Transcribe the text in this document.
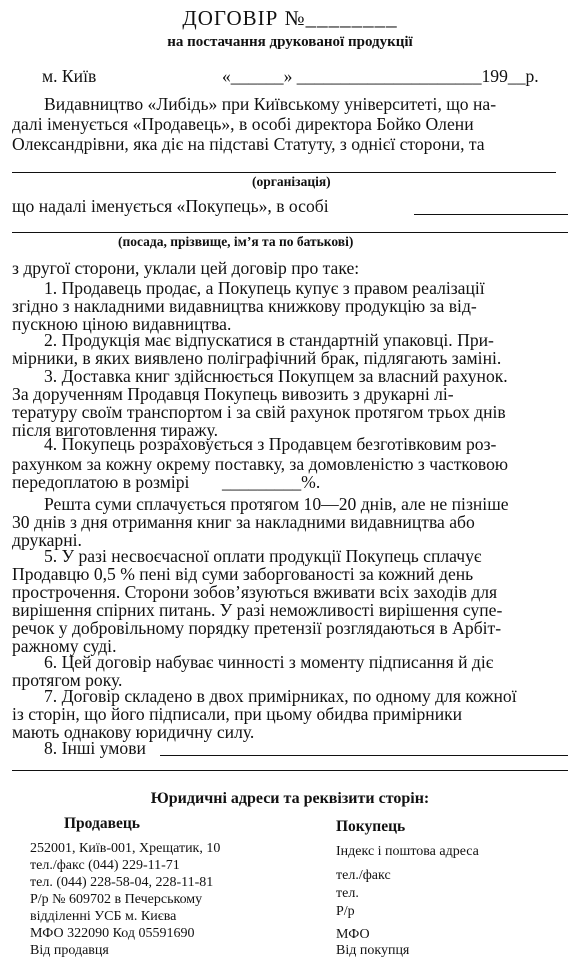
ДОГОВІР №________
на постачання друкованої продукції
м. Київ	«______» _____________________199__р.
Видавництво «Либідь» при Київському університеті, що на-
далі іменується «Продавець», в особі директора Бойко Олени
Олександрівни, яка діє на підставі Статуту, з однієї сторони, та
(організація)
що надалі іменується «Покупець», в особі
(посада, прізвище, ім’я та по батькові)
з другої сторони, уклали цей договір про таке:
1. Продавець продає, а Покупець купує з правом реалізації
згідно з накладними видавництва книжкову продукцію за від-
пускною ціною видавництва.
2. Продукція має відпускатися в стандартній упаковці. При-
мірники, в яких виявлено поліграфічний брак, підлягають заміні.
3. Доставка книг здійснюється Покупцем за власний рахунок.
За дорученням Продавця Покупець вивозить з друкарні лі-
тературу своїм транспортом і за свій рахунок протягом трьох днів
після виготовлення тиражу.
4. Покупець розраховується з Продавцем безготівковим роз-
рахунком за кожну окрему поставку, за домовленістю з частковою
передоплатою в розмірі _________%.
Решта суми сплачується протягом 10—20 днів, але не пізніше
30 днів з дня отримання книг за накладними видавництва або
друкарні.
5. У разі несвоєчасної оплати продукції Покупець сплачує
Продавцю 0,5 % пені від суми заборгованості за кожний день
прострочення. Сторони зобов’язуються вживати всіх заходів для
вирішення спірних питань. У разі неможливості вирішення супе-
речок у добровільному порядку претензії розглядаються в Арбіт-
ражному суді.
6. Цей договір набуває чинності з моменту підписання й діє
протягом року.
7. Договір складено в двох примірниках, по одному для кожної
із сторін, що його підписали, при цьому обидва примірники
мають однакову юридичну силу.
8. Інші умови
Юридичні адреси та реквізити сторін:
Продавець	Покупець
252001, Київ-001, Хрещатик, 10
тел./факс (044) 229-11-71
тел. (044) 228-58-04, 228-11-81
Р/р № 609702 в Печерському
відділенні УСБ м. Києва
МФО 322090 Код 05591690
Від продавця
Індекс і поштова адреса
тел./факс
тел.
Р/р
МФО
Від покупця
